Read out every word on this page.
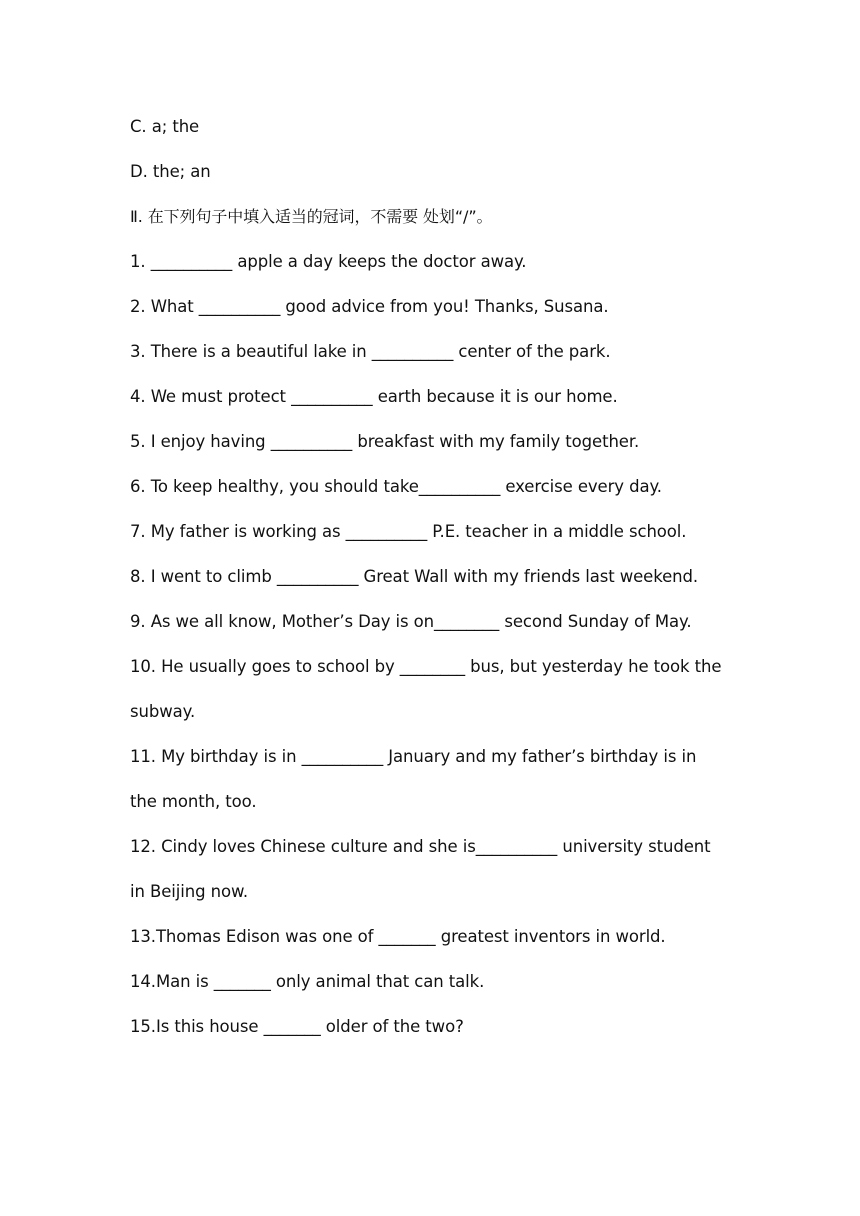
C. a; the
D. the; an
Ⅱ. 在下列句子中填入适当的冠词，不需要 处划“/”。
1. __________ apple a day keeps the doctor away.
2. What __________ good advice from you! Thanks, Susana.
3. There is a beautiful lake in __________ center of the park.
4. We must protect __________ earth because it is our home.
5. I enjoy having __________ breakfast with my family together.
6. To keep healthy, you should take__________ exercise every day.
7. My father is working as __________ P.E. teacher in a middle school.
8. I went to climb __________ Great Wall with my friends last weekend.
9. As we all know, Mother’s Day is on________ second Sunday of May.
10. He usually goes to school by ________ bus, but yesterday he took the
subway.
11. My birthday is in __________ January and my father’s birthday is in
the month, too.
12. Cindy loves Chinese culture and she is__________ university student
in Beijing now.
13.Thomas Edison was one of _______ greatest inventors in world.
14.Man is _______ only animal that can talk.
15.Is this house _______ older of the two?
